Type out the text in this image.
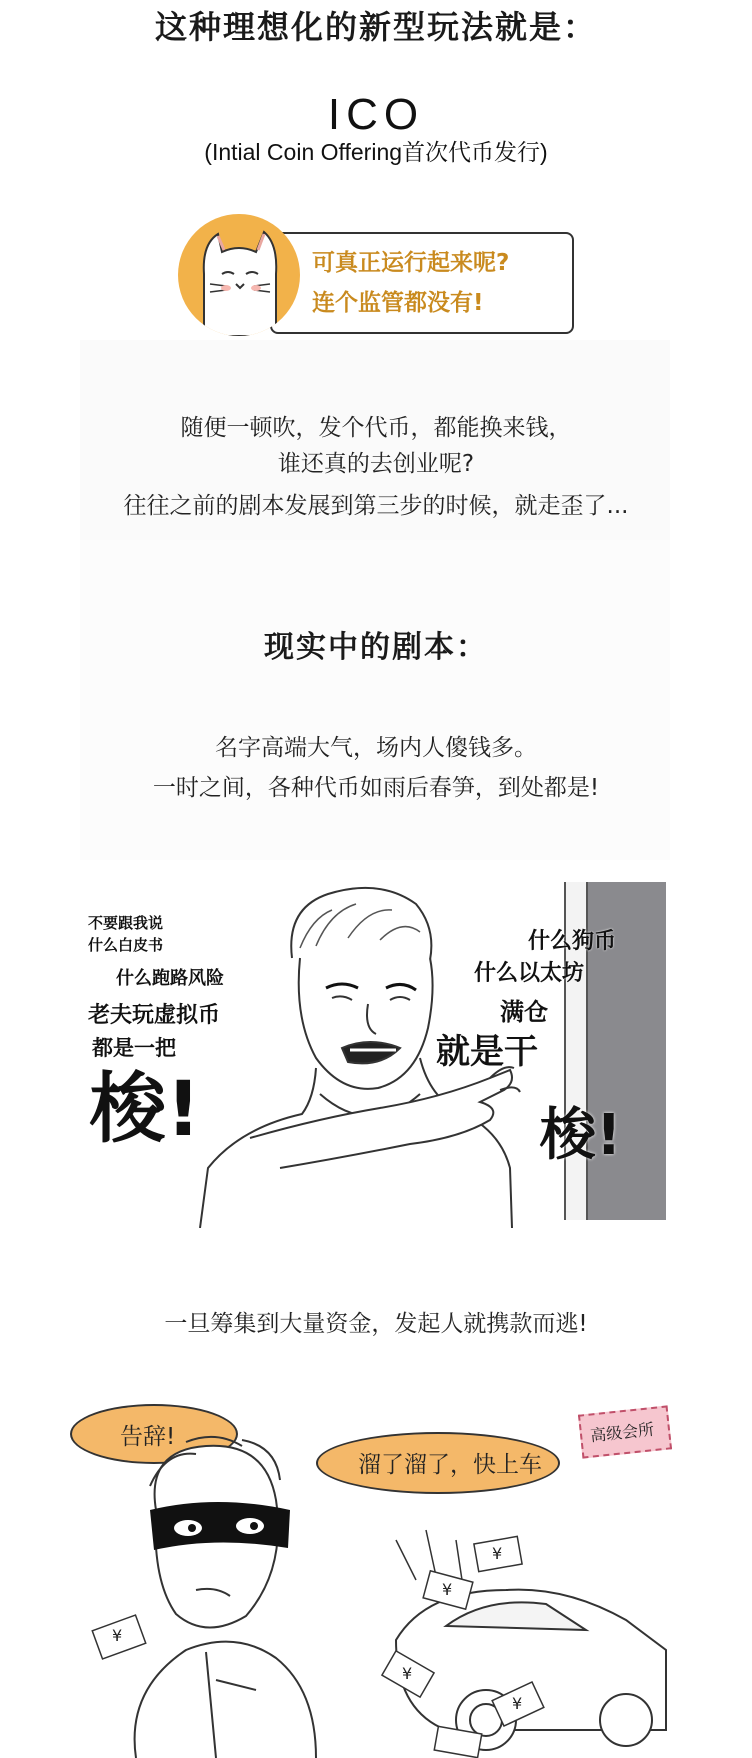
这种理想化的新型玩法就是：
ICO
(Intial Coin Offering首次代币发行)
可真正运行起来呢?
连个监管都没有!
随便一顿吹，发个代币，都能换来钱，
谁还真的去创业呢?
往往之前的剧本发展到第三步的时候，就走歪了...
现实中的剧本：
名字高端大气，场内人傻钱多。
一时之间，各种代币如雨后春笋，到处都是!
不要跟我说
什么白皮书
什么跑路风险
老夫玩虚拟币
都是一把
梭!
什么狗币
什么以太坊
满仓
就是干
梭!
一旦筹集到大量资金，发起人就携款而逃!
告辞!
溜了溜了，快上车
高级会所
¥
¥
¥
¥
¥
